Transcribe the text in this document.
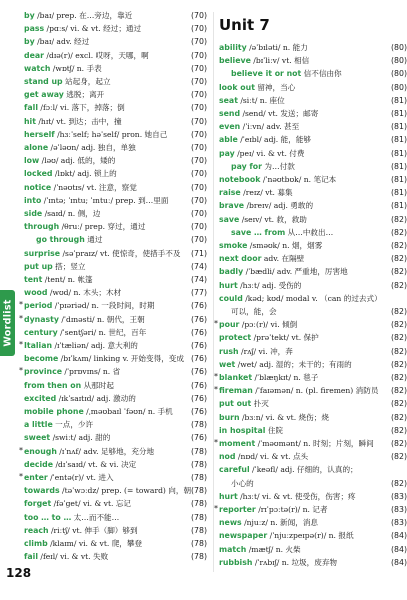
Wordlist
Unit 7
by /baɪ/ prep. 在…旁边，靠近	(70)
pass /pɑːs/ vi. & vt. 经过；通过	(70)
by /baɪ/ adv. 经过	(70)
dear /dɪə(r)/ excl. 哎呀，天哪，啊	(70)
watch /wɒtʃ/ n. 手表	(70)
stand up 站起身，起立	(70)
get away 逃脱；离开	(70)
fall /fɔːl/ vi. 落下，掉落；倒	(70)
hit /hɪt/ vt. 到达；击中，撞	(70)
herself /hɜːˈself; həˈself/ pron. 她自己	(70)
alone /əˈləʊn/ adj. 独自，单独	(70)
low /ləʊ/ adj. 低的，矮的	(70)
locked /lɒkt/ adj. 锁上的	(70)
notice /ˈnəʊtɪs/ vt. 注意，察觉	(70)
into /ˈɪntə; ˈɪntu; ˈɪntuː/ prep. 到…里面	(70)
side /saɪd/ n. 侧，边	(70)
through /θruː/ prep. 穿过，通过	(70)
go through 通过	(70)
surprise /səˈpraɪz/ vt. 使惊奇，使措手不及 (71)
put up 搭；竖立	(74)
tent /tent/ n. 帐篷	(74)
wood /wʊd/ n. 木头；木材	(77)
* period /ˈpɪəriəd/ n. 一段时间，时期	(76)
* dynasty /ˈdɪnəsti/ n. 朝代，王朝	(76)
century /ˈsentʃəri/ n. 世纪，百年	(76)
* Italian /ɪˈtæliən/ adj. 意大利的	(76)
become /bɪˈkʌm/ linking v. 开始变得，变成 (76)
* province /ˈprɒvɪns/ n. 省	(76)
from then on 从那时起	(76)
excited /ɪkˈsaɪtɪd/ adj. 激动的	(76)
mobile phone /ˌməʊbaɪl ˈfəʊn/ n. 手机 (76)
a little 一点，少许	(78)
sweet /swiːt/ adj. 甜的	(76)
* enough /ɪˈnʌf/ adv. 足够地，充分地	(78)
decide /dɪˈsaɪd/ vt. & vi. 决定	(78)
* enter /ˈentə(r)/ vt. 进入	(78)
towards /təˈwɔːdz/ prep. (= toward) 向，朝 (78)
forget /fəˈget/ vi. & vt. 忘记	(78)
too … to … 太…而不能…	(78)
reach /riːtʃ/ vt. 伸手（脚）够到	(78)
climb /klaɪm/ vi. & vt. 爬，攀登	(78)
fail /feɪl/ vi. & vt. 失败	(78)
ability /əˈbɪləti/ n. 能力	(80)
believe /bɪˈliːv/ vt. 相信	(80)
believe it or not 信不信由你	(80)
look out 留神，当心	(80)
seat /siːt/ n. 座位	(81)
send /send/ vt. 发送；邮寄	(81)
even /ˈiːvn/ adv. 甚至	(81)
able /ˈeɪbl/ adj. 能，能够	(81)
pay /peɪ/ vi. & vt. 付费	(81)
pay for 为…付款	(81)
notebook /ˈnəʊtbʊk/ n. 笔记本	(81)
raise /reɪz/ vt. 募集	(81)
brave /breɪv/ adj. 勇敢的	(81)
save /seɪv/ vt. 救，救助	(82)
save … from 从…中救出…	(82)
smoke /sməʊk/ n. 烟，烟雾	(82)
next door adv. 在隔壁	(82)
badly /ˈbædli/ adv. 严重地，厉害地	(82)
hurt /hɜːt/ adj. 受伤的	(82)
could /kəd; kʊd/ modal v. （can 的过去式）
可以，能，会	(82)
* pour /pɔː(r)/ vi. 倾倒	(82)
protect /prəˈtekt/ vt. 保护	(82)
rush /rʌʃ/ vi. 冲，奔	(82)
wet /wet/ adj. 湿的；未干的；有雨的	(82)
* blanket /ˈblæŋkɪt/ n. 毯子	(82)
* fireman /ˈfaɪəmən/ n. (pl. firemen) 消防员 (82)
put out 扑灭	(82)
burn /bɜːn/ vi. & vt. 烧伤；烧	(82)
in hospital 住院	(82)
* moment /ˈməʊmənt/ n. 时刻；片刻，瞬间 (82)
nod /nɒd/ vi. & vt. 点头	(82)
careful /ˈkeəfl/ adj. 仔细的，认真的；
小心的	(82)
hurt /hɜːt/ vi. & vt. 使受伤，伤害；疼	(83)
* reporter /rɪˈpɔːtə(r)/ n. 记者	(83)
news /njuːz/ n. 新闻，消息	(83)
newspaper /ˈnjuːzpeɪpə(r)/ n. 报纸	(84)
match /mætʃ/ n. 火柴	(84)
rubbish /ˈrʌbɪʃ/ n. 垃圾，废弃物	(84)
128
